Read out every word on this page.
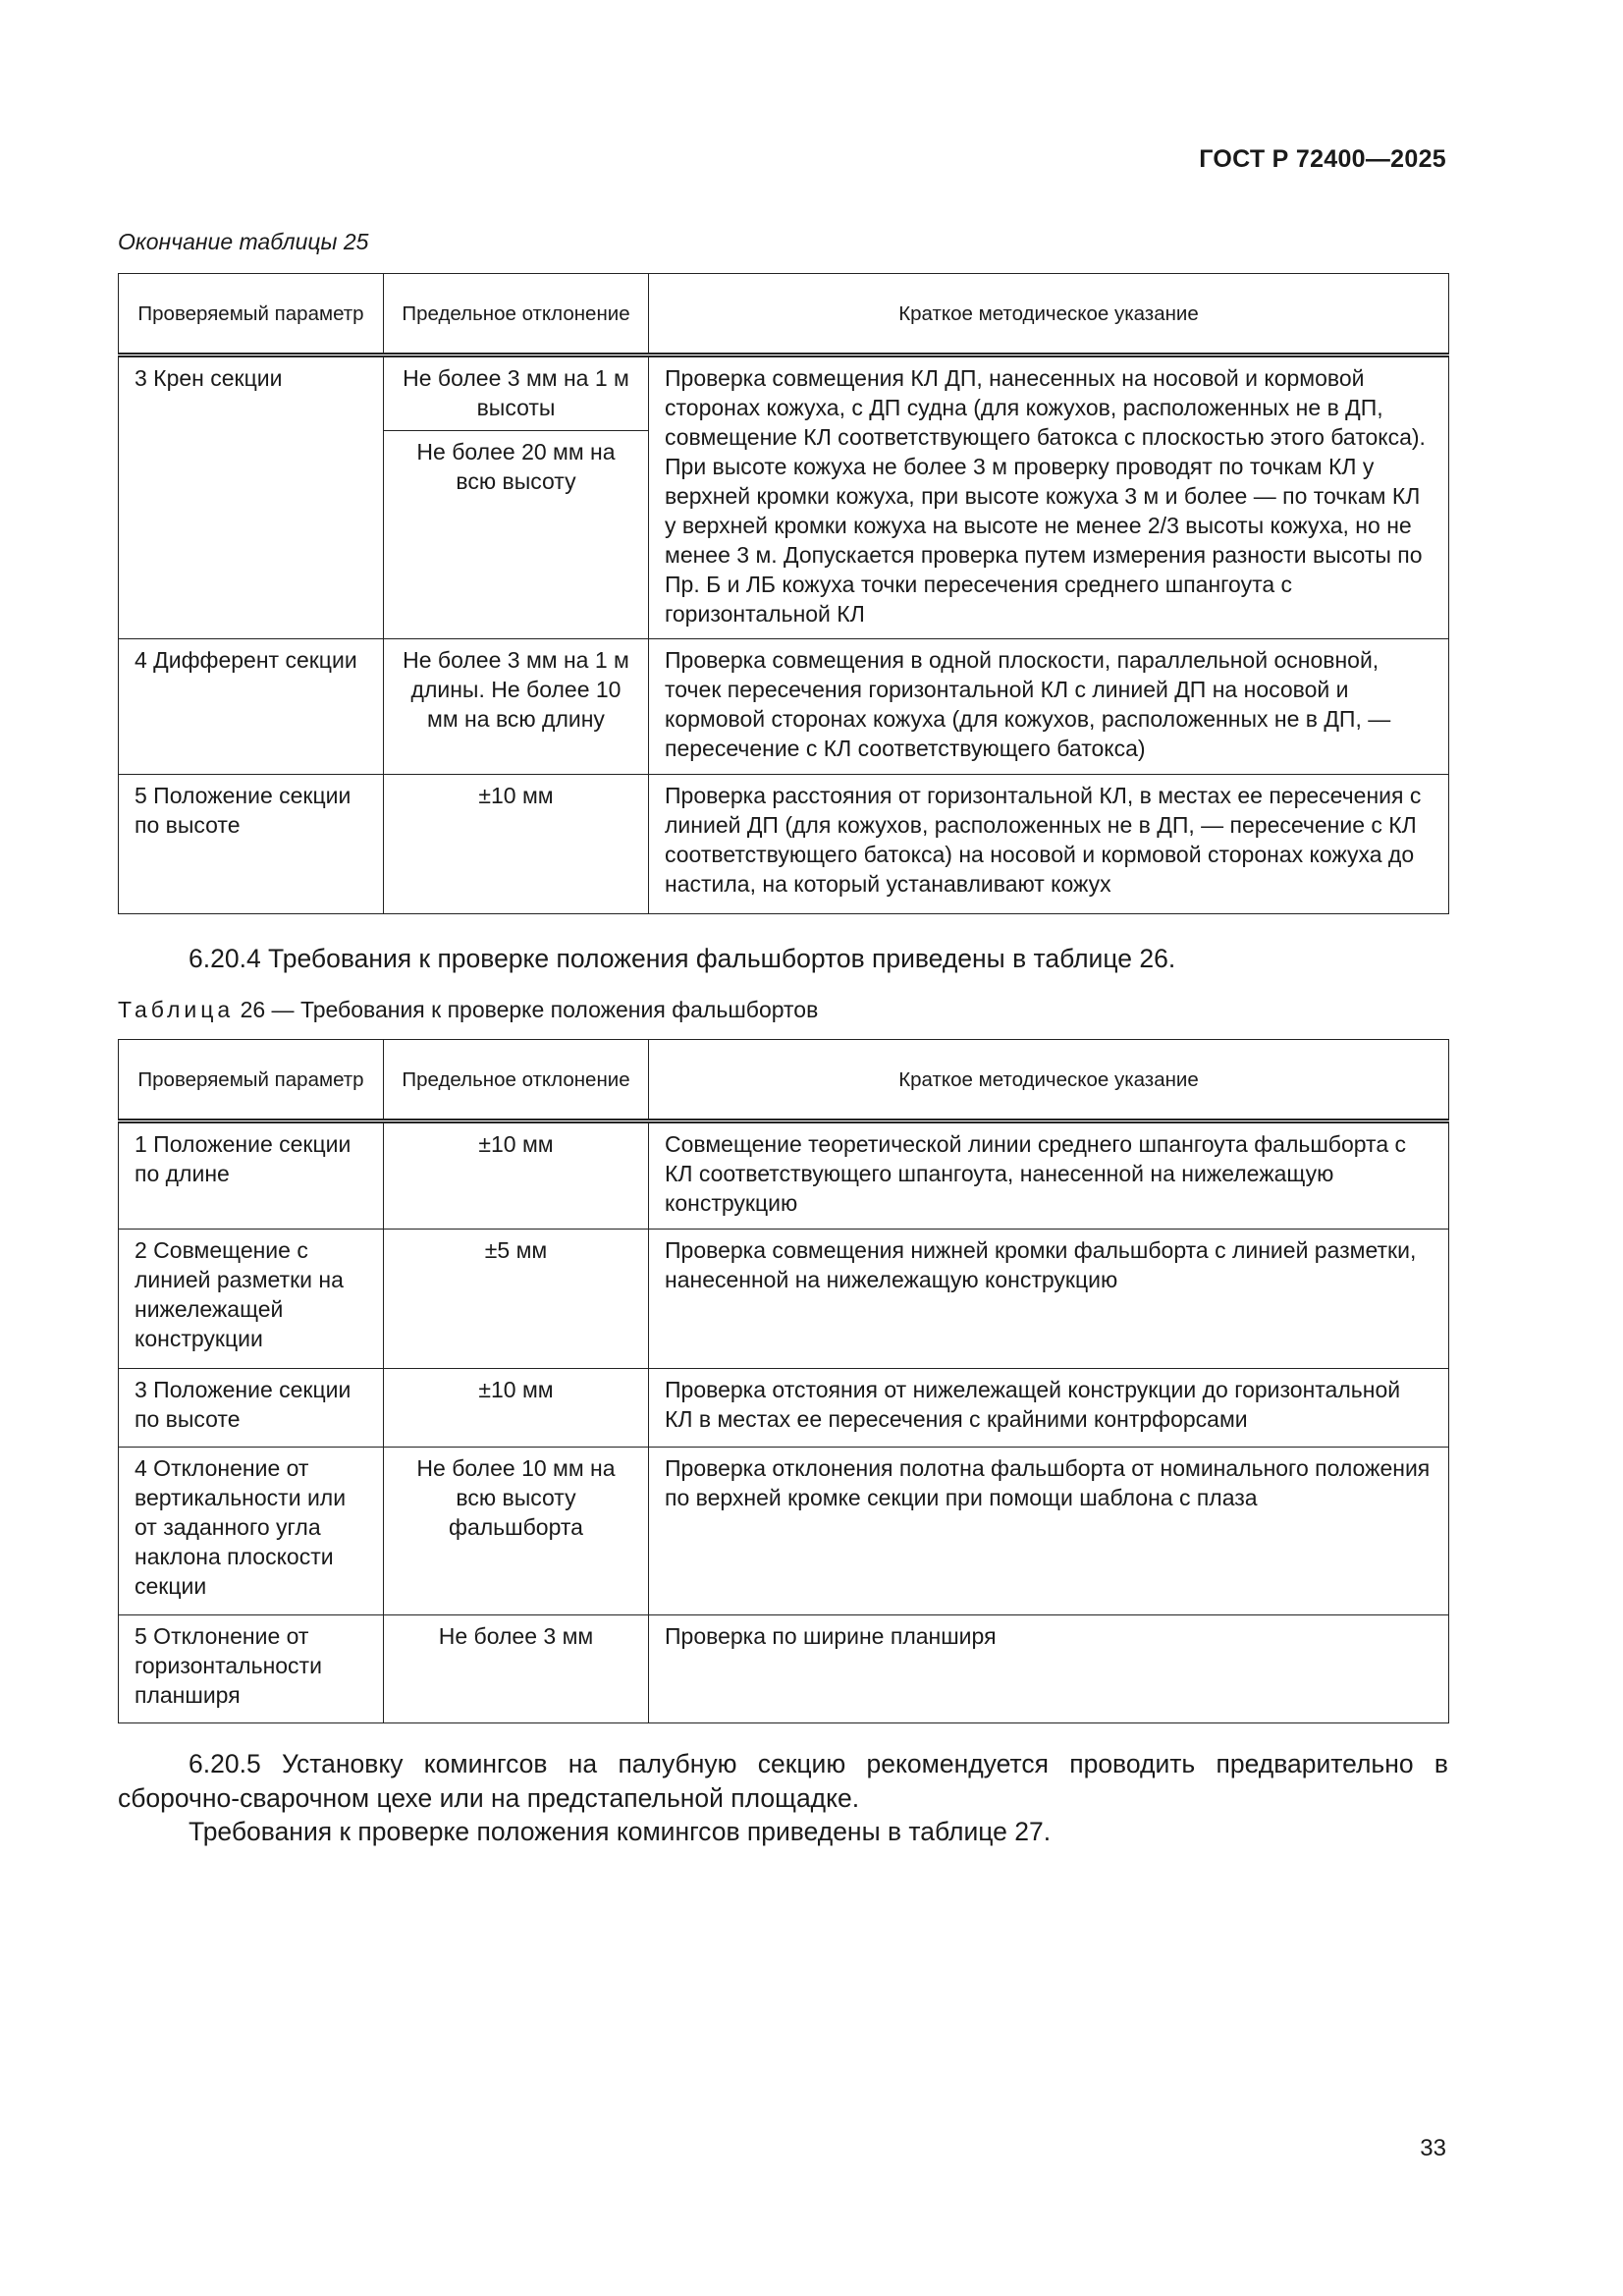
ГОСТ Р 72400—2025
Окончание таблицы 25
Проверяемый параметр	Предельное отклонение	Краткое методическое указание
3 Крен секции	Не более 3 мм на 1 м высоты	Проверка совмещения КЛ ДП, нанесенных на носовой и кормовой сторонах кожуха, с ДП судна (для кожухов, расположенных не в ДП, совмещение КЛ соответствующего батокса с плоскостью этого батокса). При высоте кожуха не более 3 м проверку проводят по точкам КЛ у верхней кромки кожуха, при высоте кожуха 3 м и более — по точкам КЛ у верхней кромки кожуха на высоте не менее 2/3 высоты кожуха, но не менее 3 м. Допускается проверка путем измерения разности высоты по Пр. Б и ЛБ кожуха точки пересечения среднего шпангоута с горизонтальной КЛ
	Не более 20 мм на всю высоту	
4 Дифферент секции	Не более 3 мм на 1 м длины. Не более 10 мм на всю длину	Проверка совмещения в одной плоскости, параллельной основной, точек пересечения горизонтальной КЛ с линией ДП на носовой и кормовой сторонах кожуха (для кожухов, расположенных не в ДП, — пересечение с КЛ соответствующего батокса)
5 Положение секции по высоте	±10 мм	Проверка расстояния от горизонтальной КЛ, в местах ее пересечения с линией ДП (для кожухов, расположенных не в ДП, — пересечение с КЛ соответствующего батокса) на носовой и кормовой сторонах кожуха до настила, на который устанавливают кожух
6.20.4 Требования к проверке положения фальшбортов приведены в таблице 26.
Таблица 26 — Требования к проверке положения фальшбортов
Проверяемый параметр	Предельное отклонение	Краткое методическое указание
1 Положение секции по длине	±10 мм	Совмещение теоретической линии среднего шпангоута фальшборта с КЛ соответствующего шпангоута, нанесенной на нижележащую конструкцию
2 Совмещение с линией разметки на нижележащей конструкции	±5 мм	Проверка совмещения нижней кромки фальшборта с линией разметки, нанесенной на нижележащую конструкцию
3 Положение секции по высоте	±10 мм	Проверка отстояния от нижележащей конструкции до горизонтальной КЛ в местах ее пересечения с крайними контрфорсами
4 Отклонение от вертикальности или от заданного угла наклона плоскости секции	Не более 10 мм на всю высоту фальшборта	Проверка отклонения полотна фальшборта от номинального положения по верхней кромке секции при помощи шаблона с плаза
5 Отклонение от горизонтальности планширя	Не более 3 мм	Проверка по ширине планширя
6.20.5 Установку комингсов на палубную секцию рекомендуется проводить предварительно в сборочно-сварочном цехе или на предстапельной площадке.
Требования к проверке положения комингсов приведены в таблице 27.
33
